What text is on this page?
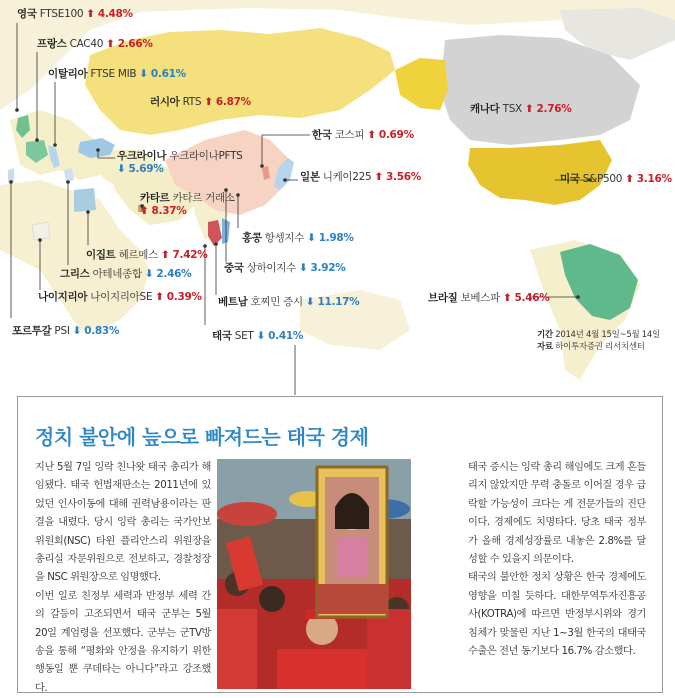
영국 FTSE100 ⬆ 4.48%
프랑스 CAC40 ⬆ 2.66%
이탈리아 FTSE MIB ⬇ 0.61%
러시아 RTS ⬆ 6.87%
캐나다 TSX ⬆ 2.76%
한국 코스피 ⬆ 0.69%
우크라이나 우크라이나PFTS
⬇ 5.69%
일본 니케이225 ⬆ 3.56%	미국 S&P500 ⬆ 3.16%
카타르 카타르 거래소
⬆ 8.37%
홍콩 항셍지수 ⬇ 1.98%
이집트 헤르메스 ⬆ 7.42%
그리스 아테네종합 ⬇ 2.46%	중국 상하이지수 ⬇ 3.92%
나이지리아 나이지리아SE ⬆ 0.39%	브라질 보베스파 ⬆ 5.46%
베트남 호찌민 증시 ⬇ 11.17%
포르투갈 PSI ⬇ 0.83%	태국 SET ⬇ 0.41%	기간 2014년 4월 15일~5월 14일
자료 하이투자증권 리서치센터
정치 불안에 늪으로 빠져드는 태국 경제

지난 5월 7일 잉락 친나왓 태국 총리가 해임됐다. 태국 헌법재판소는 2011년에 있었던 인사이동에 대해 권력남용이라는 판결을 내렸다. 당시 잉락 총리는 국가안보위원회(NSC) 타윈 플리안스리 위원장을 총리실 자문위원으로 전보하고, 경찰청장을 NSC 위원장으로 임명했다.

이번 일로 친정부 세력과 반정부 세력 간의 갈등이 고조되면서 태국 군부는 5월 20일 계엄령을 선포했다. 군부는 군TV방송을 통해 “평화와 안정을 유지하기 위한 행동일 뿐 쿠데타는 아니다”라고 강조했다.

태국 증시는 잉락 총리 해임에도 크게 흔들리지 않았지만 무력 충돌로 이어질 경우 급락할 가능성이 크다는 게 전문가들의 진단이다. 경제에도 치명타다. 당초 태국 정부가 올해 경제성장률로 내놓은 2.8%를 달성할 수 있을지 의문이다.

태국의 불안한 정치 상황은 한국 경제에도 영향을 미칠 듯하다. 대한무역투자진흥공사(KOTRA)에 따르면 반정부시위와 경기침체가 맞물린 지난 1~3월 한국의 대태국 수출은 전년 동기보다 16.7% 감소했다.
